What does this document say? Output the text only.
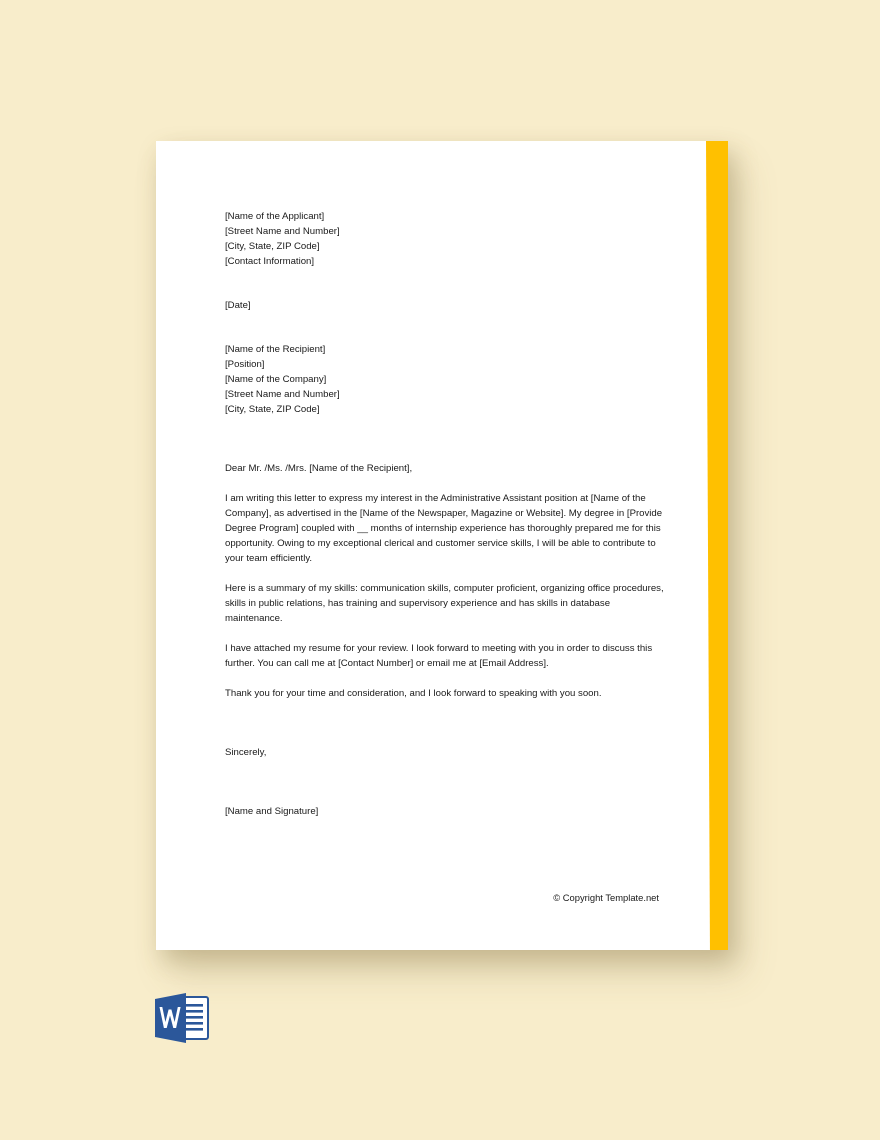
[Name of the Applicant]
[Street Name and Number]
[City, State, ZIP Code]
[Contact Information]
[Date]
[Name of the Recipient]
[Position]
[Name of the Company]
[Street Name and Number]
[City, State, ZIP Code]
Dear Mr. /Ms. /Mrs. [Name of the Recipient],
I am writing this letter to express my interest in the Administrative Assistant position at [Name of the Company], as advertised in the [Name of the Newspaper, Magazine or Website]. My degree in [Provide Degree Program] coupled with __ months of internship experience has thoroughly prepared me for this opportunity. Owing to my exceptional clerical and customer service skills, I will be able to contribute to your team efficiently.
Here is a summary of my skills: communication skills, computer proficient, organizing office procedures, skills in public relations, has training and supervisory experience and has skills in database maintenance.
I have attached my resume for your review. I look forward to meeting with you in order to discuss this further. You can call me at [Contact Number] or email me at [Email Address].
Thank you for your time and consideration, and I look forward to speaking with you soon.
Sincerely,
[Name and Signature]
© Copyright Template.net
